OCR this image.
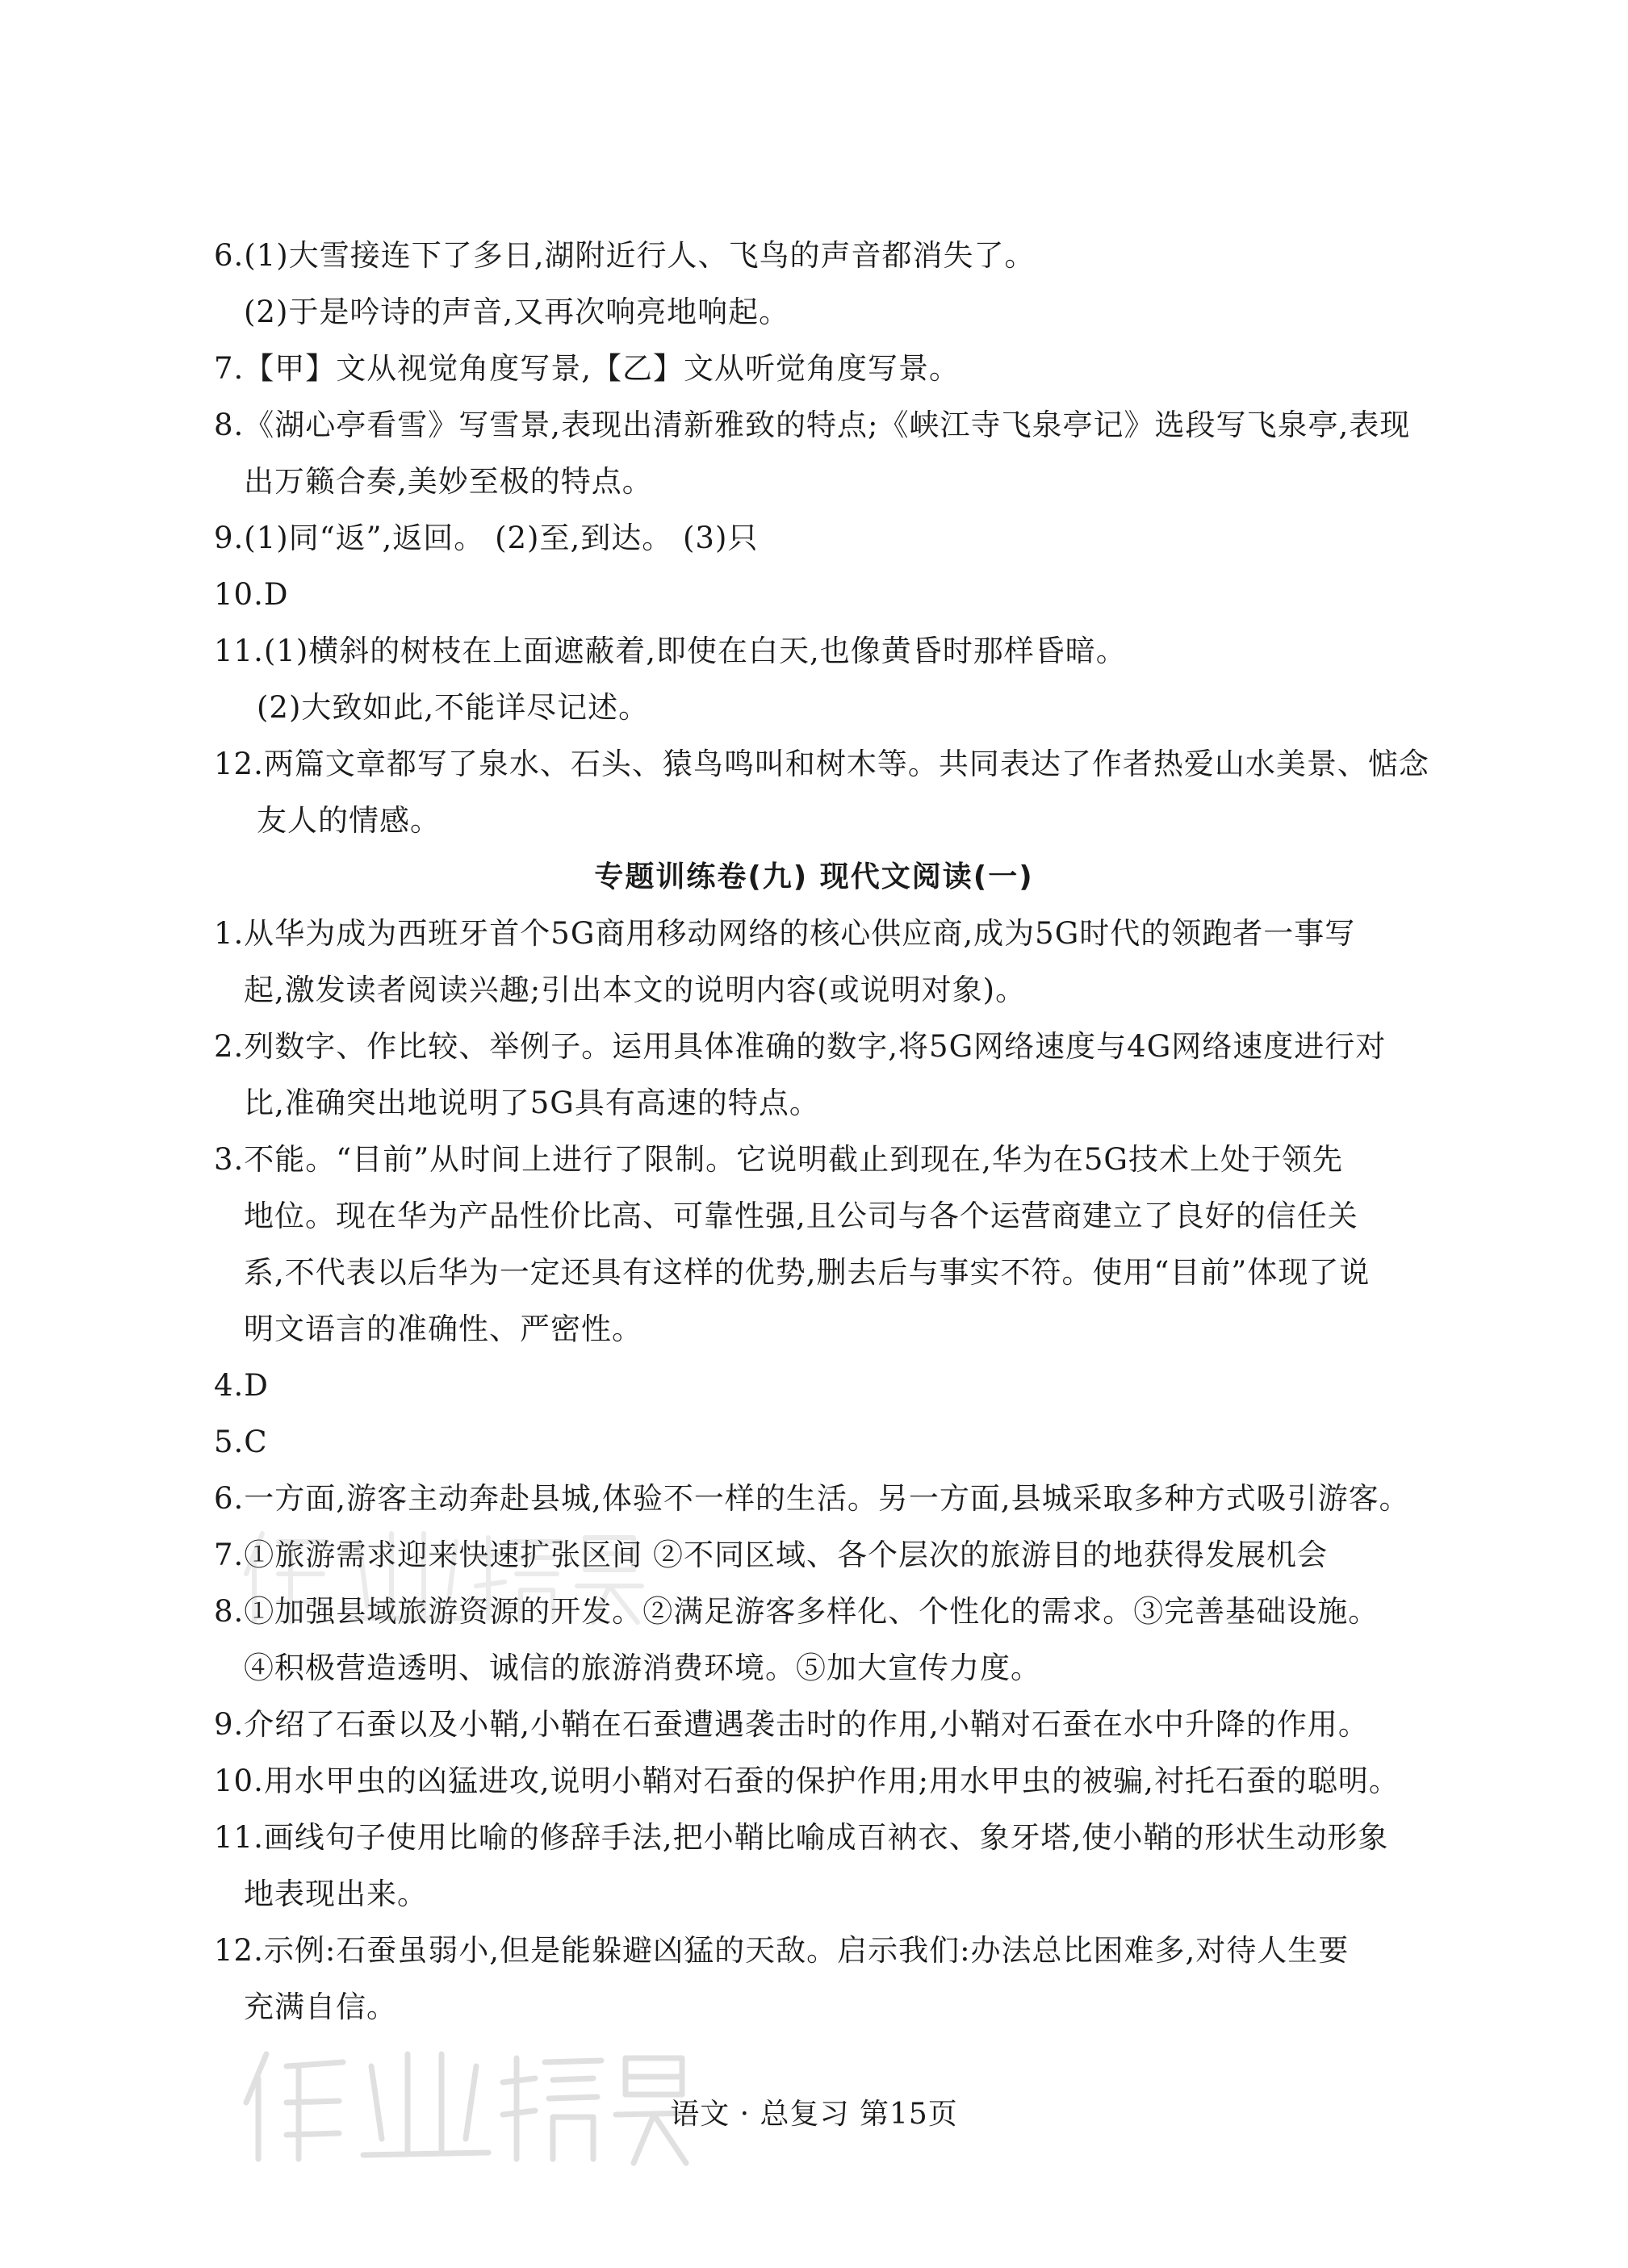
6.(1)大雪接连下了多日,湖附近行人、飞鸟的声音都消失了。
(2)于是吟诗的声音,又再次响亮地响起。
7.【甲】文从视觉角度写景,【乙】文从听觉角度写景。
8.《湖心亭看雪》写雪景,表现出清新雅致的特点;《峡江寺飞泉亭记》选段写飞泉亭,表现
出万籁合奏,美妙至极的特点。
9.(1)同“返”,返回。 (2)至,到达。 (3)只
10.D
11.(1)横斜的树枝在上面遮蔽着,即使在白天,也像黄昏时那样昏暗。
(2)大致如此,不能详尽记述。
12.两篇文章都写了泉水、石头、猿鸟鸣叫和树木等。共同表达了作者热爱山水美景、惦念
友人的情感。
专题训练卷(九) 现代文阅读(一)
1.从华为成为西班牙首个5G商用移动网络的核心供应商,成为5G时代的领跑者一事写
起,激发读者阅读兴趣;引出本文的说明内容(或说明对象)。
2.列数字、作比较、举例子。运用具体准确的数字,将5G网络速度与4G网络速度进行对
比,准确突出地说明了5G具有高速的特点。
3.不能。“目前”从时间上进行了限制。它说明截止到现在,华为在5G技术上处于领先
地位。现在华为产品性价比高、可靠性强,且公司与各个运营商建立了良好的信任关
系,不代表以后华为一定还具有这样的优势,删去后与事实不符。使用“目前”体现了说
明文语言的准确性、严密性。
4.D
5.C
6.一方面,游客主动奔赴县城,体验不一样的生活。另一方面,县城采取多种方式吸引游客。
7.①旅游需求迎来快速扩张区间 ②不同区域、各个层次的旅游目的地获得发展机会
8.①加强县域旅游资源的开发。②满足游客多样化、个性化的需求。③完善基础设施。
④积极营造透明、诚信的旅游消费环境。⑤加大宣传力度。
9.介绍了石蚕以及小鞘,小鞘在石蚕遭遇袭击时的作用,小鞘对石蚕在水中升降的作用。
10.用水甲虫的凶猛进攻,说明小鞘对石蚕的保护作用;用水甲虫的被骗,衬托石蚕的聪明。
11.画线句子使用比喻的修辞手法,把小鞘比喻成百衲衣、象牙塔,使小鞘的形状生动形象
地表现出来。
12.示例:石蚕虽弱小,但是能躲避凶猛的天敌。启示我们:办法总比困难多,对待人生要
充满自信。
语文 · 总复习 第15页
